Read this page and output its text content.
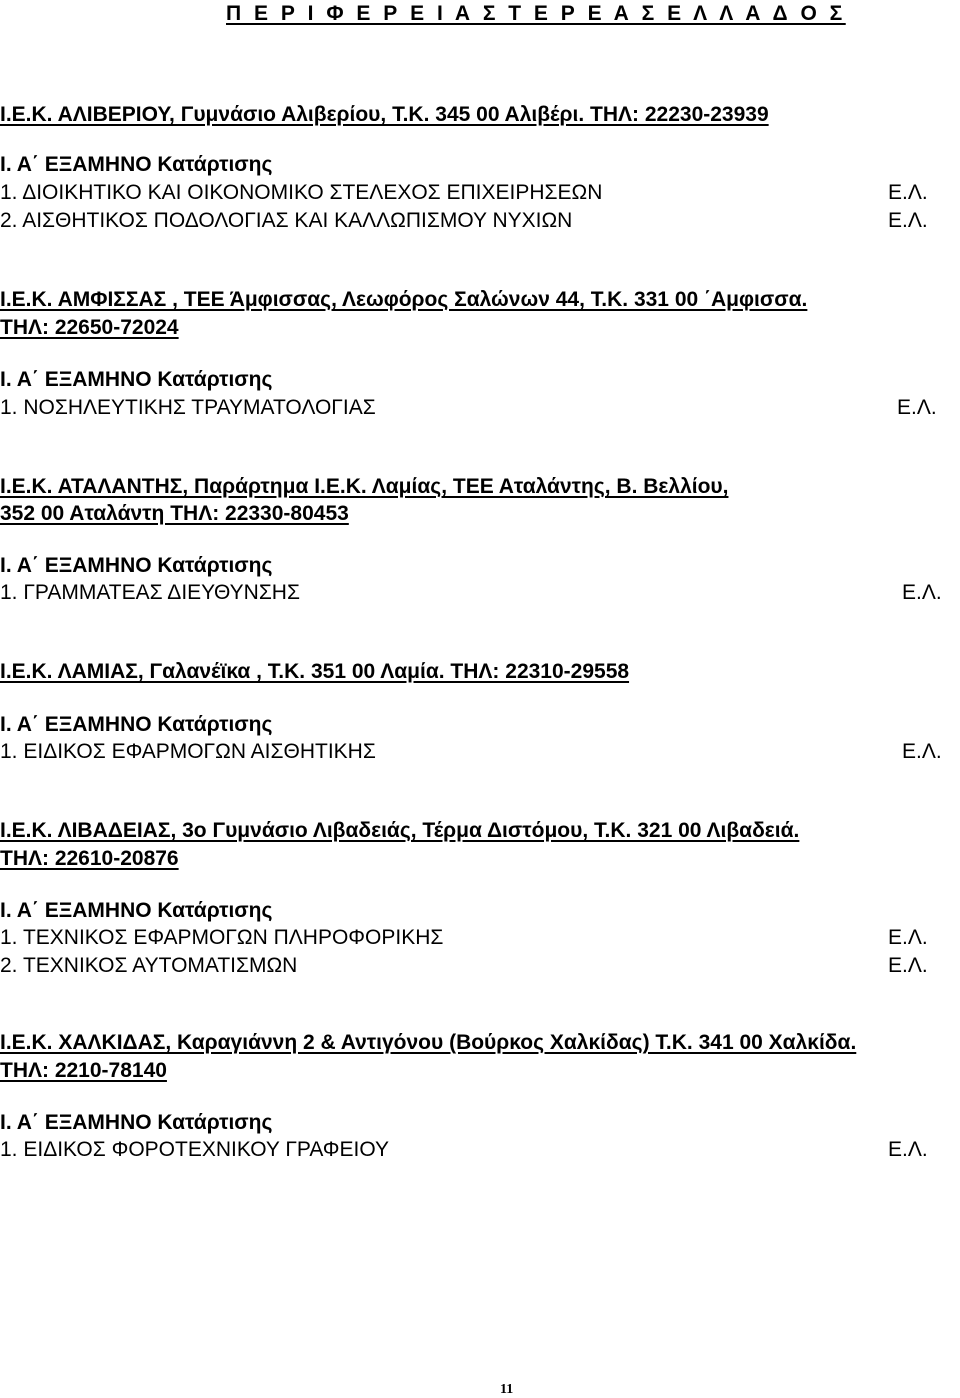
Π Ε Ρ Ι Φ Ε Ρ Ε Ι Α Σ Τ Ε Ρ Ε Α Σ Ε Λ Λ Α Δ Ο Σ
Ι.Ε.Κ. ΑΛΙΒΕΡΙΟΥ, Γυμνάσιο Αλιβερίου, Τ.Κ. 345 00 Αλιβέρι. ΤΗΛ: 22230-23939
Ι. Α΄ ΕΞΑΜΗΝΟ Κατάρτισης
1. ΔΙΟΙΚΗΤΙΚΟ ΚΑΙ ΟΙΚΟΝΟΜΙΚΟ ΣΤΕΛΕΧΟΣ ΕΠΙΧΕΙΡΗΣΕΩΝ	Ε.Λ.
2. ΑΙΣΘΗΤΙΚΟΣ ΠΟΔΟΛΟΓΙΑΣ ΚΑΙ ΚΑΛΛΩΠΙΣΜΟΥ ΝΥΧΙΩΝ	Ε.Λ.
Ι.Ε.Κ. ΑΜΦΙΣΣΑΣ , ΤΕΕ Άμφισσας, Λεωφόρος Σαλώνων 44, Τ.Κ. 331 00 ΄Αμφισσα.
ΤΗΛ: 22650-72024
Ι. Α΄ ΕΞΑΜΗΝΟ Κατάρτισης
1. ΝΟΣΗΛΕΥΤΙΚΗΣ ΤΡΑΥΜΑΤΟΛΟΓΙΑΣ	Ε.Λ.
Ι.Ε.Κ. ΑΤΑΛΑΝΤΗΣ, Παράρτημα Ι.Ε.Κ. Λαμίας, ΤΕΕ Αταλάντης, Β. Βελλίου,
352 00 Αταλάντη ΤΗΛ: 22330-80453
Ι. Α΄ ΕΞΑΜΗΝΟ Κατάρτισης
1. ΓΡΑΜΜΑΤΕΑΣ ΔΙΕΥΘΥΝΣΗΣ	Ε.Λ.
Ι.Ε.Κ. ΛΑΜΙΑΣ, Γαλανέϊκα , Τ.Κ. 351 00 Λαμία. ΤΗΛ: 22310-29558
Ι. Α΄ ΕΞΑΜΗΝΟ Κατάρτισης
1. ΕΙΔΙΚΟΣ ΕΦΑΡΜΟΓΩΝ ΑΙΣΘΗΤΙΚΗΣ	Ε.Λ.
Ι.Ε.Κ. ΛΙΒΑΔΕΙΑΣ, 3ο Γυμνάσιο Λιβαδειάς, Τέρμα Διστόμου, Τ.Κ. 321 00 Λιβαδειά.
ΤΗΛ: 22610-20876
Ι. Α΄ ΕΞΑΜΗΝΟ Κατάρτισης
1. ΤΕΧΝΙΚΟΣ ΕΦΑΡΜΟΓΩΝ ΠΛΗΡΟΦΟΡΙΚΗΣ	Ε.Λ.
2. ΤΕΧΝΙΚΟΣ ΑΥΤΟΜΑΤΙΣΜΩΝ	Ε.Λ.
Ι.Ε.Κ. ΧΑΛΚΙΔΑΣ, Καραγιάννη 2 & Αντιγόνου (Βούρκος Χαλκίδας) Τ.Κ. 341 00 Χαλκίδα.
ΤΗΛ: 2210-78140
Ι. Α΄ ΕΞΑΜΗΝΟ Κατάρτισης
1. ΕΙΔΙΚΟΣ ΦΟΡΟΤΕΧΝΙΚΟΥ ΓΡΑΦΕΙΟΥ	Ε.Λ.
11
